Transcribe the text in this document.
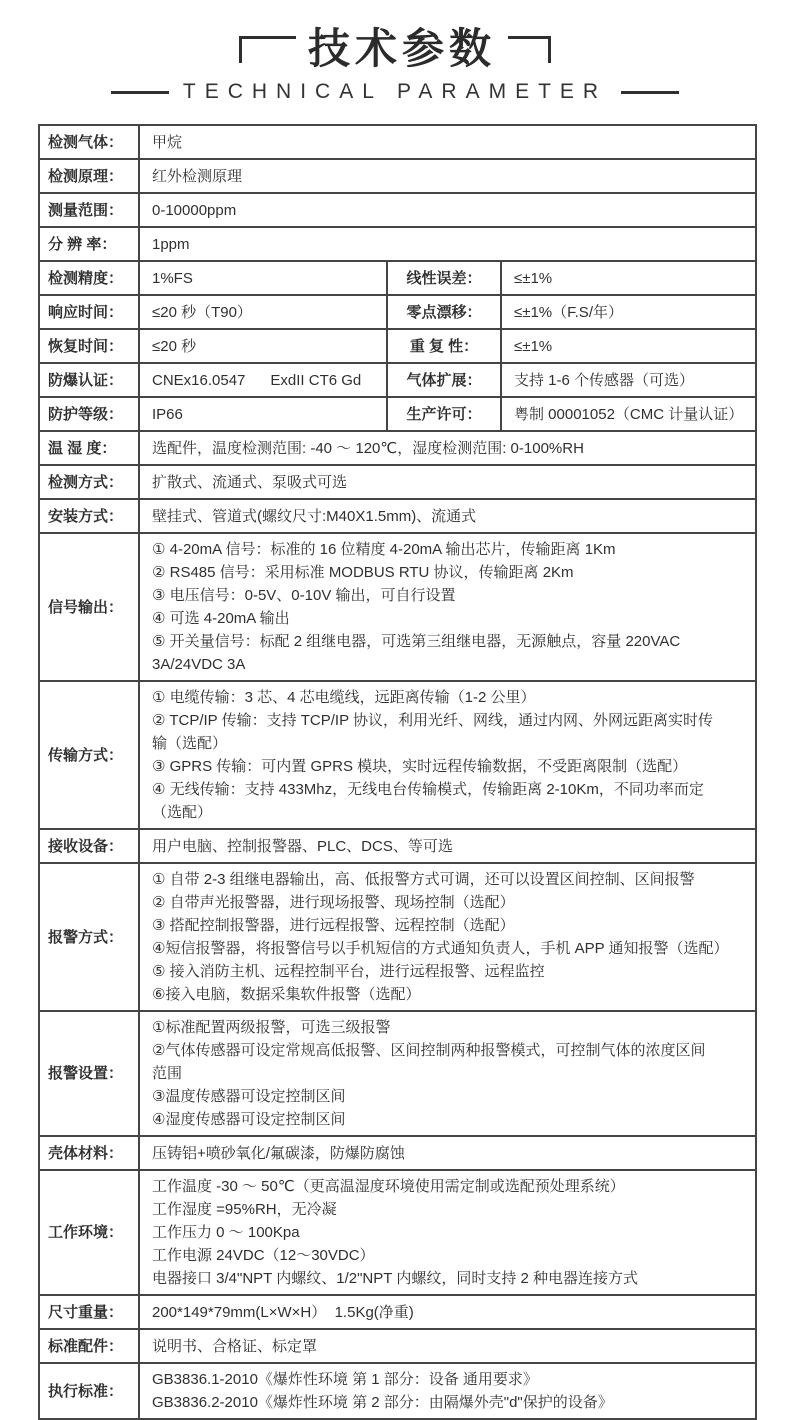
技术参数
TECHNICAL PARAMETER
检测气体：	甲烷
检测原理：	红外检测原理
测量范围：	0-10000ppm
分 辨 率：	1ppm
检测精度：	1%FS	线性误差：	≤±1%
响应时间：	≤20 秒（T90）	零点漂移：	≤±1%（F.S/年）
恢复时间：	≤20 秒	重 复 性：	≤±1%
防爆认证：	CNEx16.0547      ExdII CT6 Gd	气体扩展：	支持 1-6 个传感器（可选）
防护等级：	IP66	生产许可：	粤制 00001052（CMC 计量认证）
温 湿 度：	选配件，温度检测范围: -40 ～ 120℃，湿度检测范围: 0-100%RH
检测方式：	扩散式、流通式、泵吸式可选
安装方式：	壁挂式、管道式(螺纹尺寸:M40X1.5mm)、流通式
信号输出：
① 4-20mA 信号：标准的 16 位精度 4-20mA 输出芯片，传输距离 1Km
② RS485 信号：采用标准 MODBUS RTU 协议，传输距离 2Km
③ 电压信号：0-5V、0-10V 输出，可自行设置
④ 可选 4-20mA 输出
⑤ 开关量信号：标配 2 组继电器，可选第三组继电器，无源触点，容量 220VAC
3A/24VDC 3A
传输方式：
① 电缆传输：3 芯、4 芯电缆线，远距离传输（1-2 公里）
② TCP/IP 传输：支持 TCP/IP 协议，利用光纤、网线，通过内网、外网远距离实时传
输（选配）
③ GPRS 传输：可内置 GPRS 模块，实时远程传输数据，不受距离限制（选配）
④ 无线传输：支持 433Mhz，无线电台传输模式，传输距离 2-10Km，不同功率而定
（选配）
接收设备：	用户电脑、控制报警器、PLC、DCS、等可选
报警方式：
① 自带 2-3 组继电器输出，高、低报警方式可调，还可以设置区间控制、区间报警
② 自带声光报警器，进行现场报警、现场控制（选配）
③ 搭配控制报警器，进行远程报警、远程控制（选配）
④短信报警器，将报警信号以手机短信的方式通知负责人，手机 APP 通知报警（选配）
⑤ 接入消防主机、远程控制平台，进行远程报警、远程监控
⑥接入电脑，数据采集软件报警（选配）
报警设置：
①标准配置两级报警，可选三级报警
②气体传感器可设定常规高低报警、区间控制两种报警模式，可控制气体的浓度区间
范围
③温度传感器可设定控制区间
④湿度传感器可设定控制区间
壳体材料：	压铸铝+喷砂氧化/氟碳漆，防爆防腐蚀
工作环境：
工作温度 -30 ～ 50℃（更高温湿度环境使用需定制或选配预处理系统）
工作湿度 =95%RH，无冷凝
工作压力 0 ～ 100Kpa
工作电源 24VDC（12～30VDC）
电器接口 3/4"NPT 内螺纹、1/2"NPT 内螺纹，同时支持 2 种电器连接方式
尺寸重量：	200*149*79mm(L×W×H）  1.5Kg(净重)
标准配件：	说明书、合格证、标定罩
执行标准：
GB3836.1-2010《爆炸性环境 第 1 部分：设备 通用要求》
GB3836.2-2010《爆炸性环境 第 2 部分：由隔爆外壳"d"保护的设备》
